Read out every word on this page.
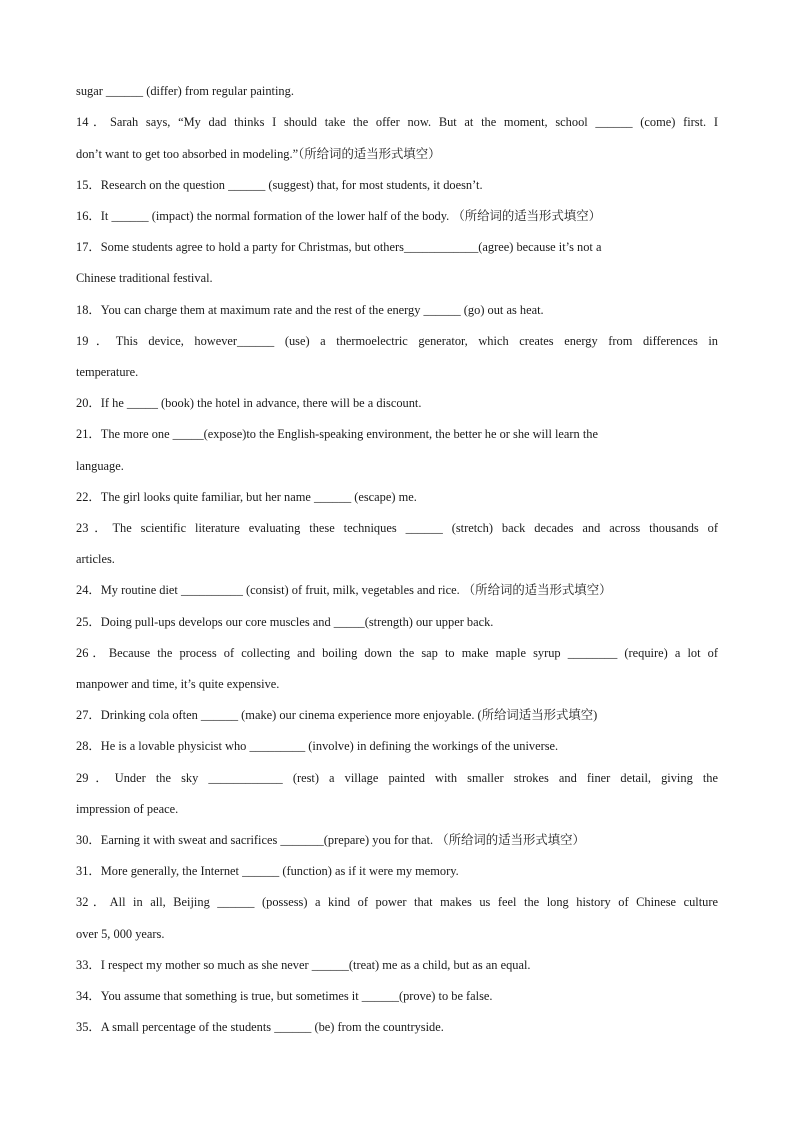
sugar ______ (differ) from regular painting.
14．Sarah says, “My dad thinks I should take the offer now. But at the moment, school ______ (come) first. I
don’t want to get too absorbed in modeling.”（所给词的适当形式填空）
15．Research on the question ______ (suggest) that, for most students, it doesn’t.
16．It ______ (impact) the normal formation of the lower half of the body. （所给词的适当形式填空）
17．Some students agree to hold a party for Christmas, but others____________(agree) because it’s not a
Chinese traditional festival.
18．You can charge them at maximum rate and the rest of the energy ______ (go) out as heat.
19．This device, however______ (use) a thermoelectric generator, which creates energy from differences in
temperature.
20．If he _____ (book) the hotel in advance, there will be a discount.
21．The more one _____(expose)to the English-speaking environment, the better he or she will learn the
language.
22．The girl looks quite familiar, but her name ______ (escape) me.
23．The scientific literature evaluating these techniques ______ (stretch) back decades and across thousands of
articles.
24．My routine diet __________ (consist) of fruit, milk, vegetables and rice. （所给词的适当形式填空）
25．Doing pull-ups develops our core muscles and _____(strength) our upper back.
26．Because the process of collecting and boiling down the sap to make maple syrup ________ (require) a lot of
manpower and time, it’s quite expensive.
27．Drinking cola often ______ (make) our cinema experience more enjoyable. (所给词适当形式填空)
28．He is a lovable physicist who _________ (involve) in defining the workings of the universe.
29．Under the sky ____________ (rest) a village painted with smaller strokes and finer detail, giving the
impression of peace.
30．Earning it with sweat and sacrifices _______(prepare) you for that. （所给词的适当形式填空）
31．More generally, the Internet ______ (function) as if it were my memory.
32．All in all, Beijing ______ (possess) a kind of power that makes us feel the long history of Chinese culture
over 5, 000 years.
33．I respect my mother so much as she never ______(treat) me as a child, but as an equal.
34．You assume that something is true, but sometimes it ______(prove) to be false.
35．A small percentage of the students ______ (be) from the countryside.
